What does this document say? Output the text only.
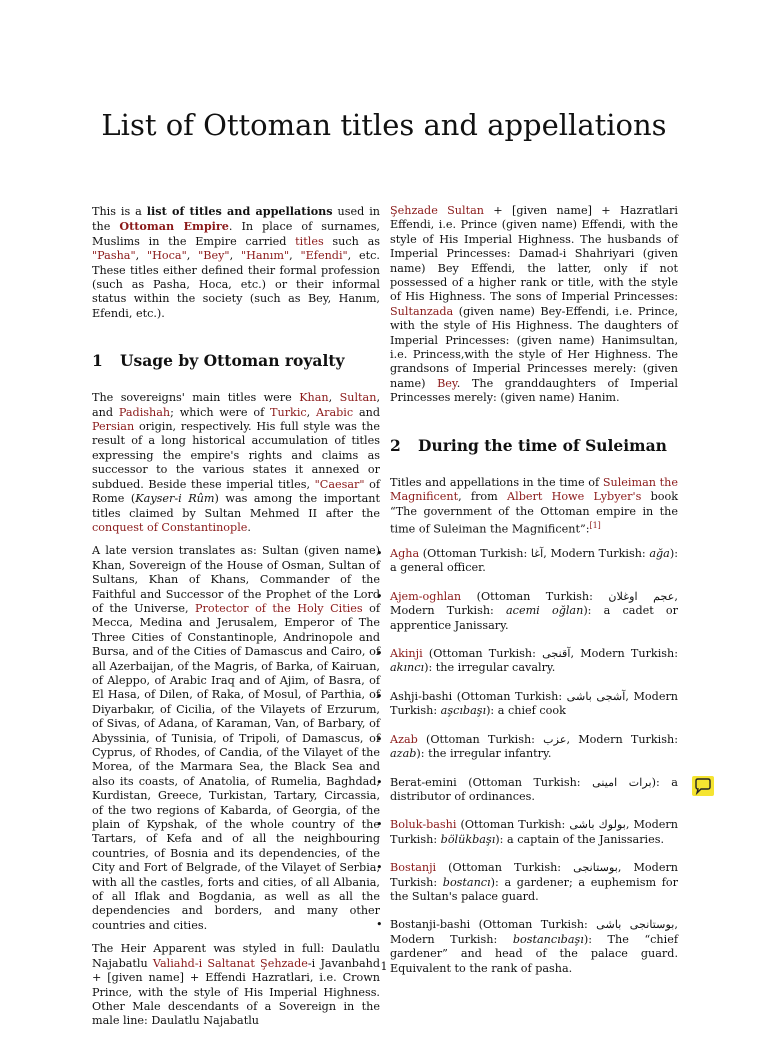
List of Ottoman titles and appellations

This is a list of titles and appellations used in the Ottoman Empire. In place of surnames, Muslims in the Empire carried titles such as "Pasha", "Hoca", "Bey", "Hanım", "Efendi", etc. These titles either defined their formal profession (such as Pasha, Hoca, etc.) or their informal status within the society (such as Bey, Hanım, Efendi, etc.).

1 Usage by Ottoman royalty

The sovereigns' main titles were Khan, Sultan, and Padishah; which were of Turkic, Arabic and Persian origin, respectively. His full style was the result of a long historical accumulation of titles expressing the empire's rights and claims as successor to the various states it annexed or subdued. Beside these imperial titles, "Caesar" of Rome (Kayser-i Rûm) was among the important titles claimed by Sultan Mehmed II after the conquest of Constantinople.

A late version translates as: Sultan (given name) Khan, Sovereign of the House of Osman, Sultan of Sultans, Khan of Khans, Commander of the Faithful and Successor of the Prophet of the Lord of the Universe, Protector of the Holy Cities of Mecca, Medina and Jerusalem, Emperor of The Three Cities of Constantinople, Andrinopole and Bursa, and of the Cities of Damascus and Cairo, of all Azerbaijan, of the Magris, of Barka, of Kairuan, of Aleppo, of Arabic Iraq and of Ajim, of Basra, of El Hasa, of Dilen, of Raka, of Mosul, of Parthia, of Diyarbakır, of Cicilia, of the Vilayets of Erzurum, of Sivas, of Adana, of Karaman, Van, of Barbary, of Abyssinia, of Tunisia, of Tripoli, of Damascus, of Cyprus, of Rhodes, of Candia, of the Vilayet of the Morea, of the Marmara Sea, the Black Sea and also its coasts, of Anatolia, of Rumelia, Baghdad, Kurdistan, Greece, Turkistan, Tartary, Circassia, of the two regions of Kabarda, of Georgia, of the plain of Kypshak, of the whole country of the Tartars, of Kefa and of all the neighbouring countries, of Bosnia and its dependencies, of the City and Fort of Belgrade, of the Vilayet of Serbia, with all the castles, forts and cities, of all Albania, of all Iflak and Bogdania, as well as all the dependencies and borders, and many other countries and cities.

The Heir Apparent was styled in full: Daulatlu Najabatlu Valiahd-i Saltanat Şehzade-i Javanbahd + [given name] + Effendi Hazratlari, i.e. Crown Prince, with the style of His Imperial Highness. Other Male descendants of a Sovereign in the male line: Daulatlu Najabatlu

Şehzade Sultan + [given name] + Hazratlari Effendi, i.e. Prince (given name) Effendi, with the style of His Imperial Highness. The husbands of Imperial Princesses: Damad-i Shahriyari (given name) Bey Effendi, the latter, only if not possessed of a higher rank or title, with the style of His Highness. The sons of Imperial Princesses: Sultanzada (given name) Bey-Effendi, i.e. Prince, with the style of His Highness. The daughters of Imperial Princesses: (given name) Hanimsultan, i.e. Princess,with the style of Her Highness. The grandsons of Imperial Princesses merely: (given name) Bey. The granddaughters of Imperial Princesses merely: (given name) Hanim.

2 During the time of Suleiman

Titles and appellations in the time of Suleiman the Magnificent, from Albert Howe Lybyer's book “The government of the Ottoman empire in the time of Suleiman the Magnificent”:[1]

• Agha (Ottoman Turkish: آغا, Modern Turkish: ağa): a general officer.
• Ajem-oghlan (Ottoman Turkish: عجم اوغلان, Modern Turkish: acemi oğlan): a cadet or apprentice Janissary.
• Akinji (Ottoman Turkish: آقنجی, Modern Turkish: akıncı): the irregular cavalry.
• Ashji-bashi (Ottoman Turkish: آشجی باشی, Modern Turkish: aşcıbaşı): a chief cook
• Azab (Ottoman Turkish: عزب, Modern Turkish: azab): the irregular infantry.
• Berat-emini (Ottoman Turkish: برات امینی): a distributor of ordinances.
• Boluk-bashi (Ottoman Turkish: بولوك باشی, Modern Turkish: bölükbaşı): a captain of the Janissaries.
• Bostanji (Ottoman Turkish: بوستانجی, Modern Turkish: bostancı): a gardener; a euphemism for the Sultan's palace guard.
• Bostanji-bashi (Ottoman Turkish: بوستانجی باشی, Modern Turkish: bostancıbaşı): The “chief gardener” and head of the palace guard. Equivalent to the rank of pasha.
1
